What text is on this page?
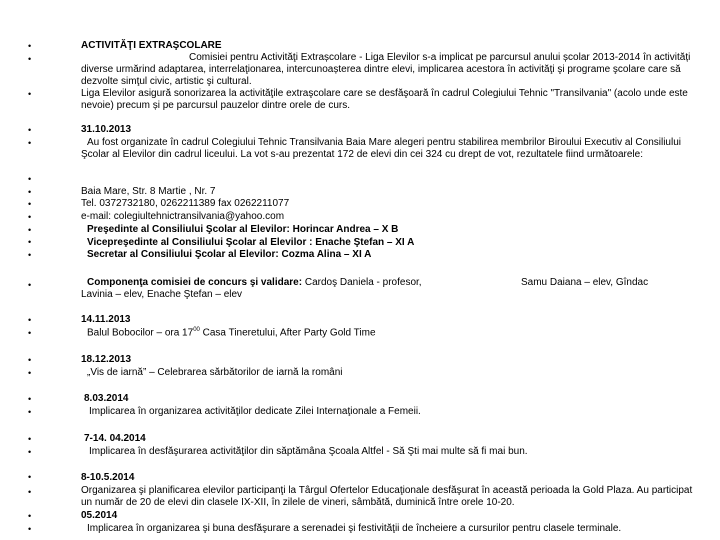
•
•
•
•
•
•
•
•
•
•
•
•
•
•
•
•
•
•
•
•
•
•
•
•
•
ACTIVITĂŢI EXTRAŞCOLARE
Comisiei pentru Activităţi Extrașcolare - Liga Elevilor s-a implicat pe parcursul anului școlar 2013-2014 în activități diverse urmărind adaptarea, interrelaţionarea, intercunoașterea dintre elevi, implicarea acestora în activităţi şi programe şcolare care să dezvolte simţul civic, artistic şi cultural.
Liga Elevilor asigură sonorizarea la activităţile extraşcolare care se desfăşoară în cadrul Colegiului Tehnic "Transilvania" (acolo unde este nevoie) precum și pe parcursul pauzelor dintre orele de curs.
31.10.2013
Au fost organizate în cadrul Colegiului Tehnic Transilvania Baia Mare alegeri pentru stabilirea membrilor Biroului Executiv al Consiliului Şcolar al Elevilor din cadrul liceului. La vot s-au prezentat 172 de elevi din cei 324 cu drept de vot, rezultatele fiind următoarele:
Baia Mare, Str. 8 Martie , Nr. 7
Tel. 0372732180, 0262211389 fax 0262211077
e-mail: colegiultehnictransilvania@yahoo.com
Preşedinte al Consiliului Şcolar al Elevilor: Horincar Andrea – X B
Vicepreşedinte al Consiliului Şcolar al Elevilor : Enache Ştefan – XI A
Secretar al Consiliului Şcolar al Elevilor: Cozma Alina – XI A
Componenţa comisiei de concurs şi validare: Cardoş Daniela - profesor,	Samu Daiana – elev, Gîndac
Lavinia – elev, Enache Ştefan – elev
14.11.2013
Balul Bobocilor – ora $17^{00}$ Casa Tineretului, After Party Gold Time
18.12.2013
„Vis de iarnă” – Celebrarea sărbătorilor de iarnă la români
8.03.2014
Implicarea în organizarea activităţilor dedicate Zilei Internaţionale a Femeii.
7-14. 04.2014
Implicarea în desfăşurarea activităţilor din săptămâna Şcoala Altfel - Să Şti mai multe să fi mai bun.
8-10.5.2014
Organizarea şi planificarea elevilor participanţi la Târgul Ofertelor Educaţionale desfăşurat în această perioada la Gold Plaza. Au participat un număr de 20 de elevi din clasele IX-XII, în zilele de vineri, sâmbătă, duminică între orele 10-20.
05.2014
Implicarea în organizarea şi buna desfăşurare a serenadei şi festivităţii de încheiere a cursurilor pentru clasele terminale.
